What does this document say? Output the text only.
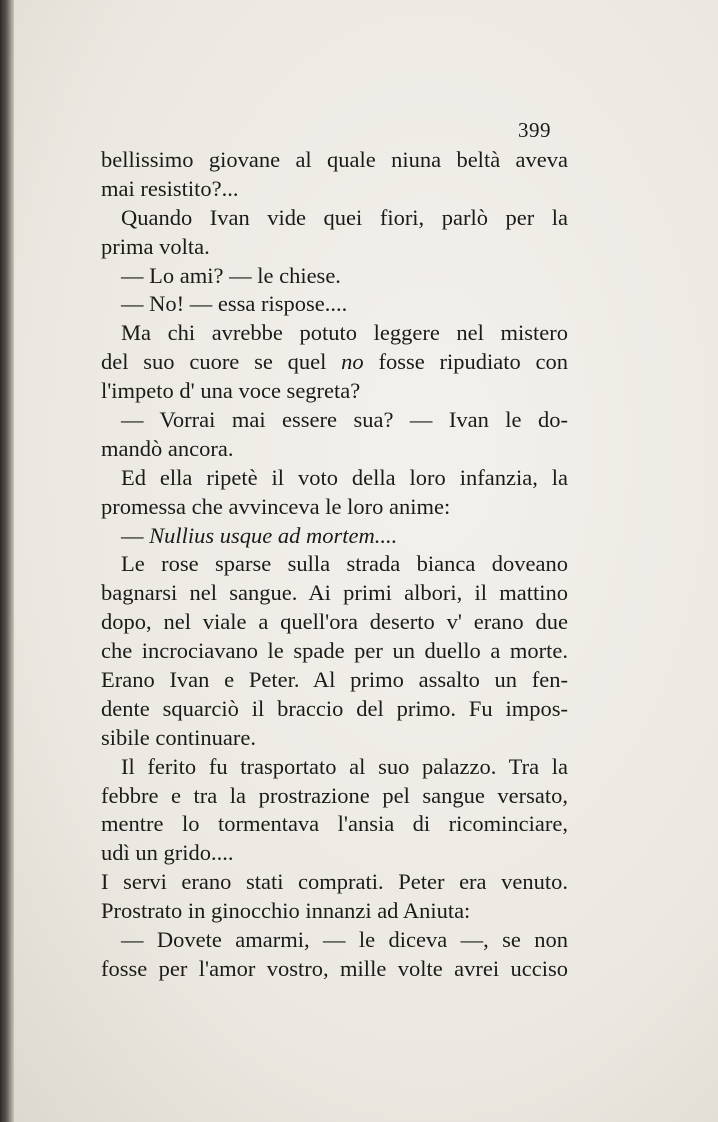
399
bellissimo giovane al quale niuna beltà aveva
mai resistito?...
Quando Ivan vide quei fiori, parlò per la
prima volta.
— Lo ami? — le chiese.
— No! — essa rispose....
Ma chi avrebbe potuto leggere nel mistero
del suo cuore se quel no fosse ripudiato con
l'impeto d' una voce segreta?
— Vorrai mai essere sua? — Ivan le do-
mandò ancora.
Ed ella ripetè il voto della loro infanzia, la
promessa che avvinceva le loro anime:
— Nullius usque ad mortem....
Le rose sparse sulla strada bianca doveano
bagnarsi nel sangue. Ai primi albori, il mattino
dopo, nel viale a quell'ora deserto v' erano due
che incrociavano le spade per un duello a morte.
Erano Ivan e Peter. Al primo assalto un fen-
dente squarciò il braccio del primo. Fu impos-
sibile continuare.
Il ferito fu trasportato al suo palazzo. Tra la
febbre e tra la prostrazione pel sangue versato,
mentre lo tormentava l'ansia di ricominciare,
udì un grido....
I servi erano stati comprati. Peter era venuto.
Prostrato in ginocchio innanzi ad Aniuta:
— Dovete amarmi, — le diceva —, se non
fosse per l'amor vostro, mille volte avrei ucciso
